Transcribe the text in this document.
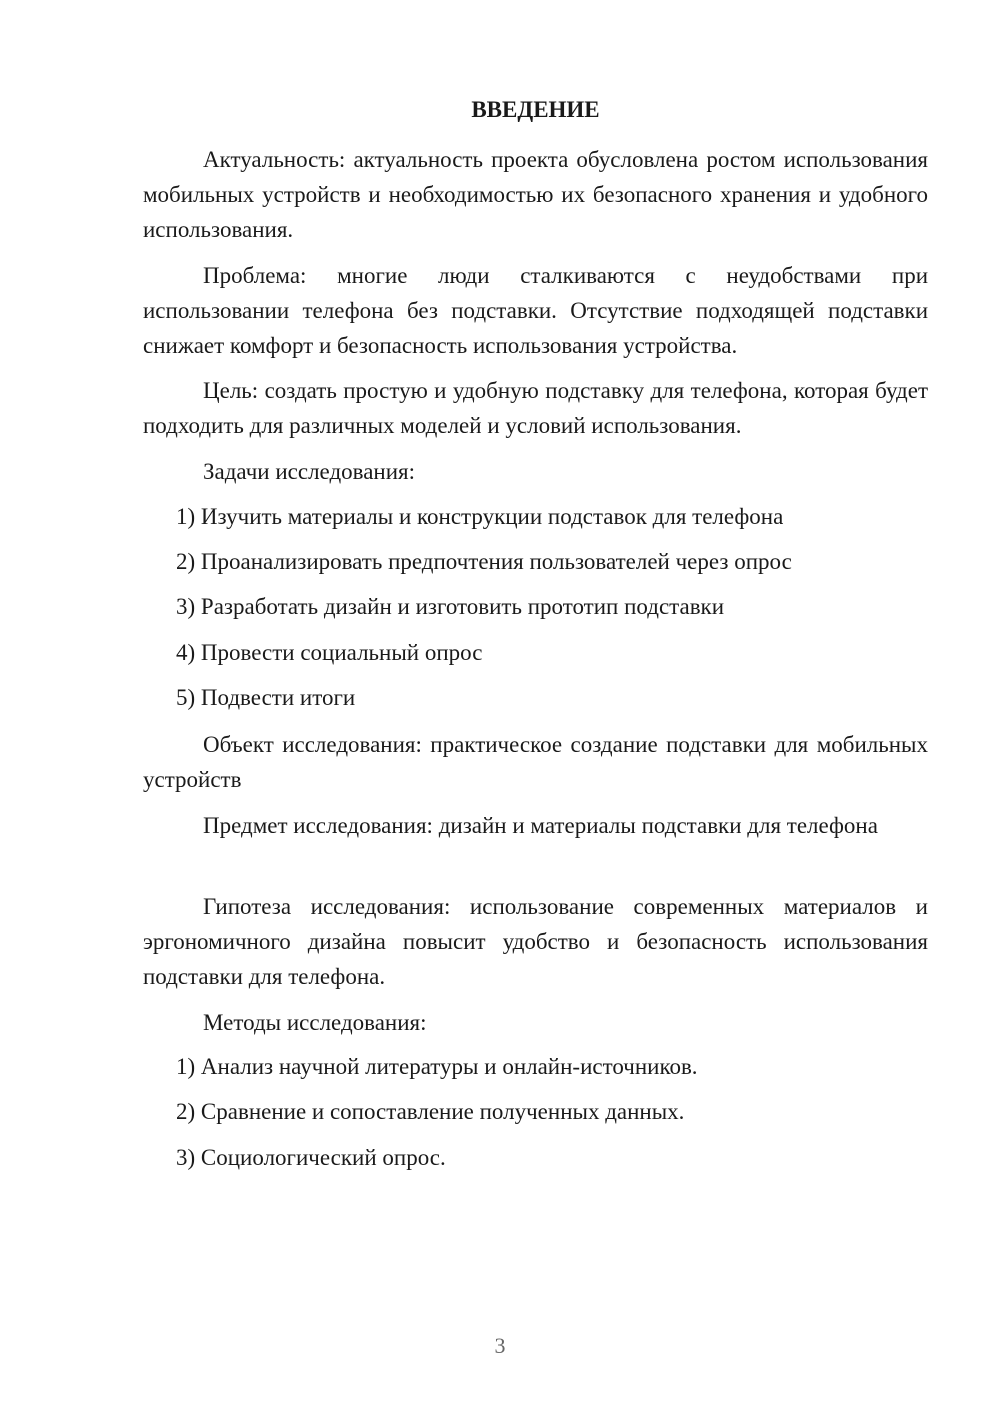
ВВЕДЕНИЕ

Актуальность: актуальность проекта обусловлена ростом использования мобильных устройств и необходимостью их безопасного хранения и удобного использования.

Проблема: многие люди сталкиваются с неудобствами при использовании телефона без подставки. Отсутствие подходящей подставки снижает комфорт и безопасность использования устройства.

Цель: создать простую и удобную подставку для телефона, которая будет подходить для различных моделей и условий использования.

Задачи исследования:

1) Изучить материалы и конструкции подставок для телефона

2) Проанализировать предпочтения пользователей через опрос

3) Разработать дизайн и изготовить прототип подставки

4) Провести социальный опрос

5) Подвести итоги

Объект исследования: практическое создание подставки для мобильных устройств

Предмет исследования: дизайн и материалы подставки для телефона

Гипотеза исследования: использование современных материалов и эргономичного дизайна повысит удобство и безопасность использования подставки для телефона.

Методы исследования:

1) Анализ научной литературы и онлайн-источников.

2) Сравнение и сопоставление полученных данных.

3) Социологический опрос.

3
